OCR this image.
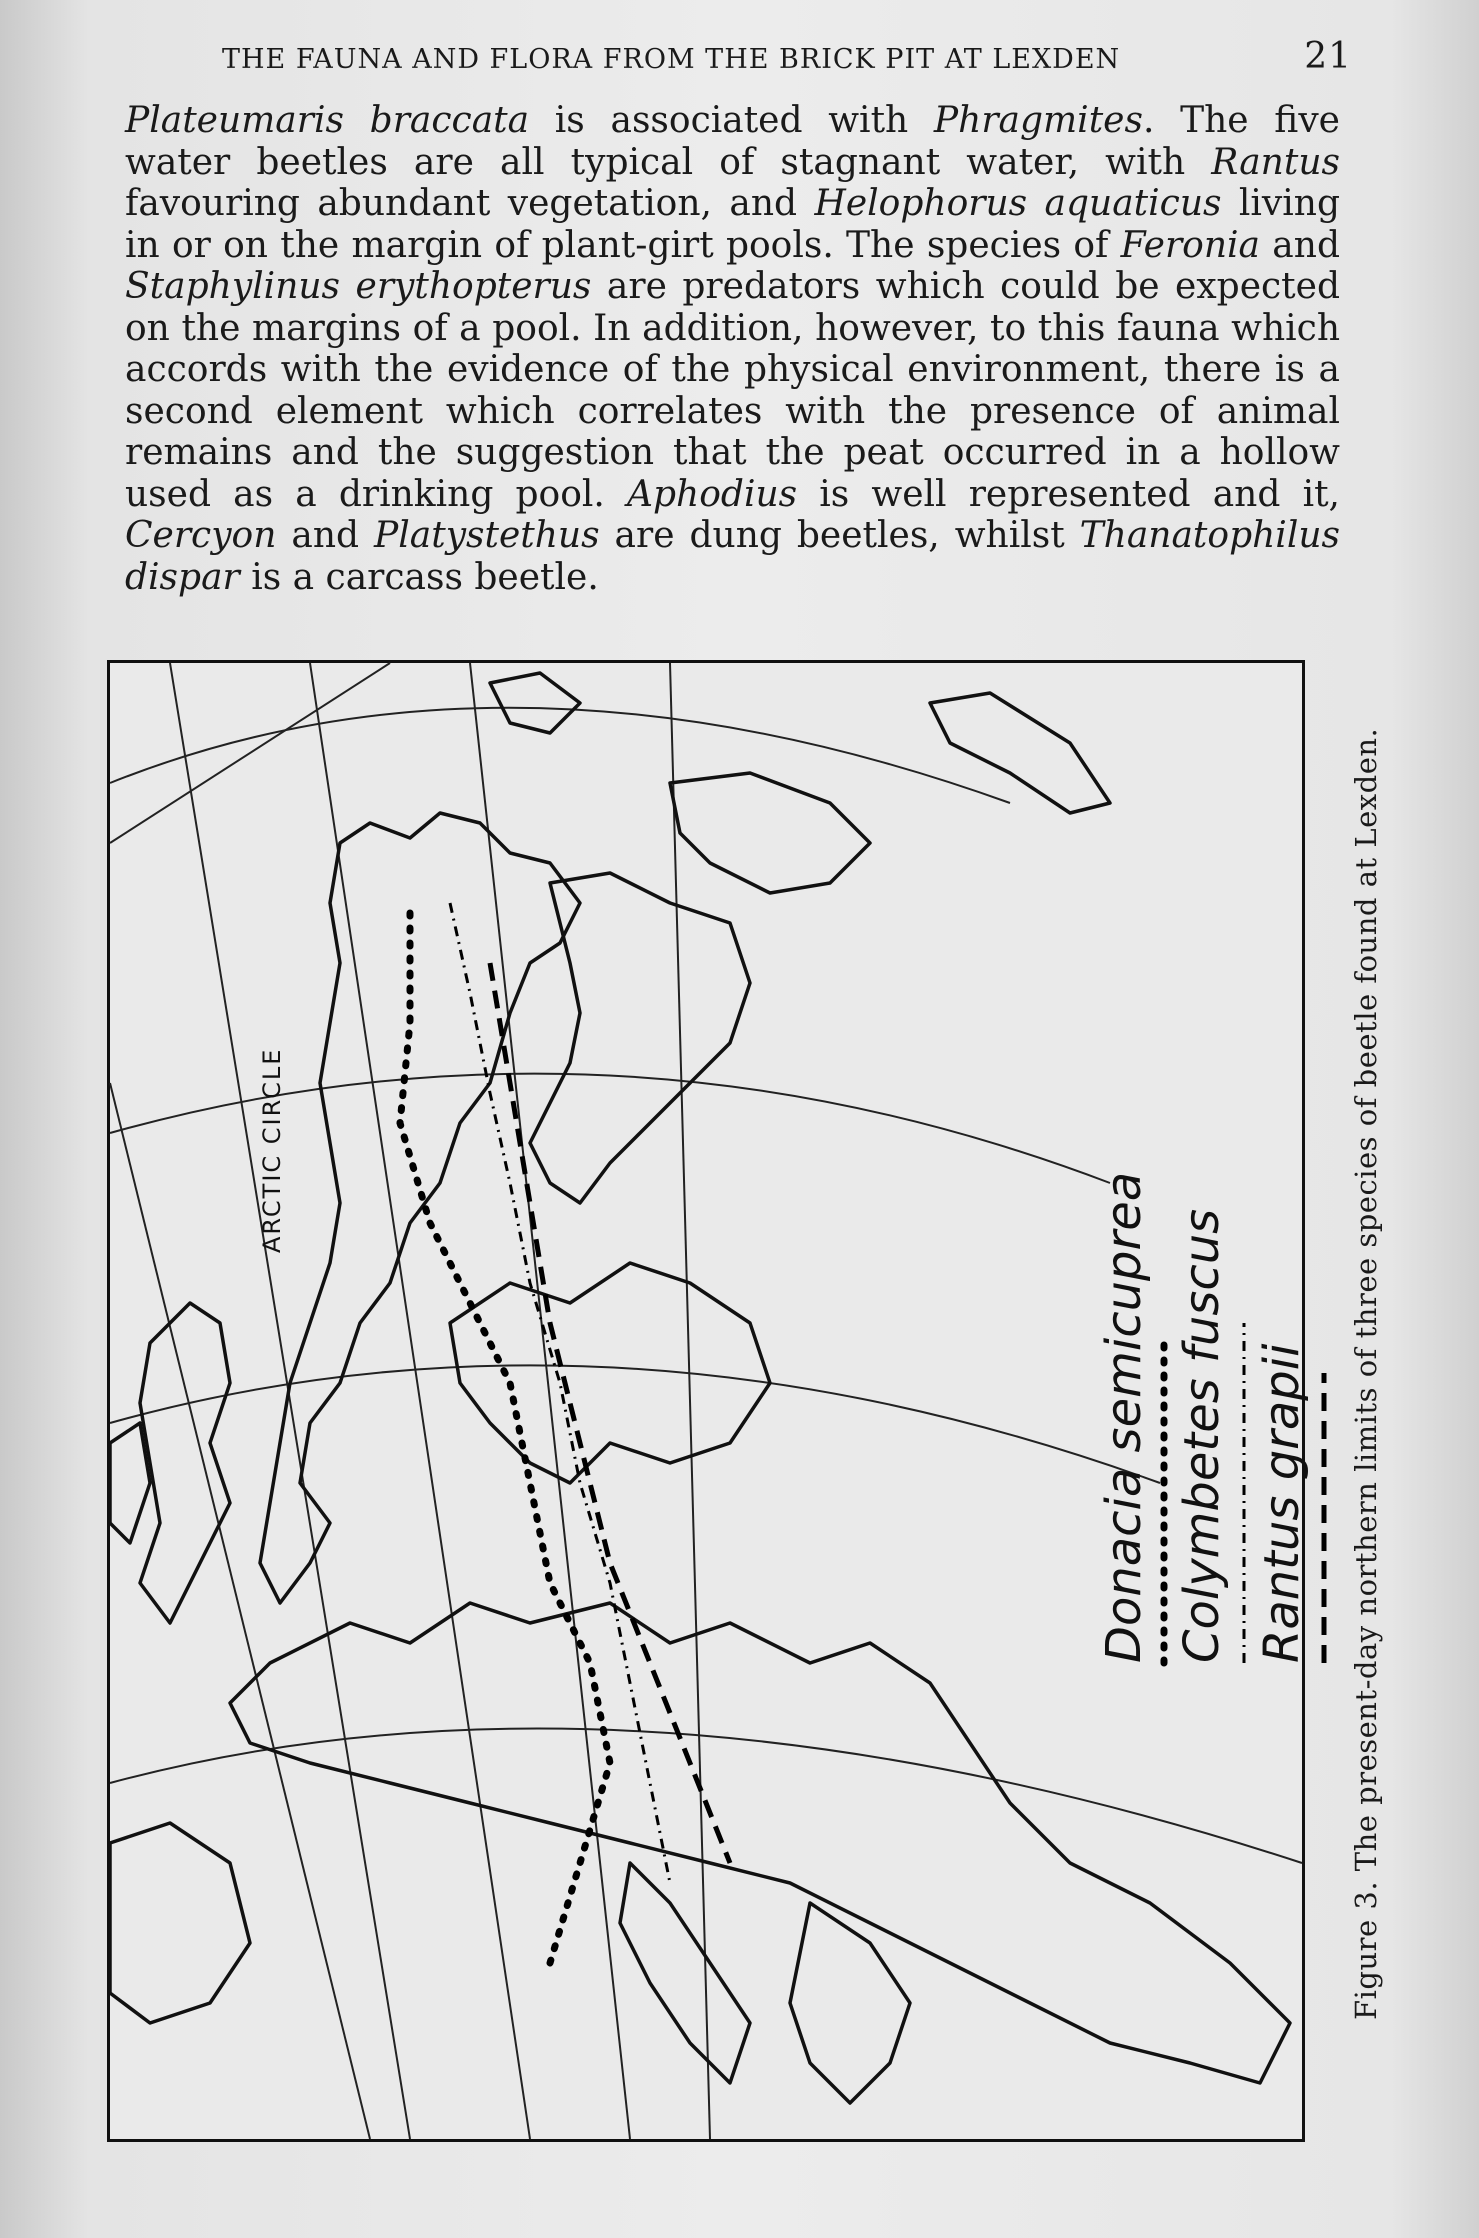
THE FAUNA AND FLORA FROM THE BRICK PIT AT LEXDEN	21

Plateumaris braccata is associated with Phragmites. The five water beetles are all typical of stagnant water, with Rantus favouring abundant vegetation, and Helophorus aquaticus living in or on the margin of plant-girt pools. The species of Feronia and Staphylinus erythopterus are predators which could be expected on the margins of a pool. In addition, however, to this fauna which accords with the evidence of the physical environment, there is a second element which correlates with the presence of animal remains and the suggestion that the peat occurred in a hollow used as a drinking pool. Aphodius is well represented and it, Cercyon and Platystethus are dung beetles, whilst Thanatophilus dispar is a carcass beetle.

ARCTIC CIRCLE
Donacia semicuprea Colymbetes fuscus Rantus grapii Figure 3. The present-day northern limits of three species of beetle found at Lexden.
